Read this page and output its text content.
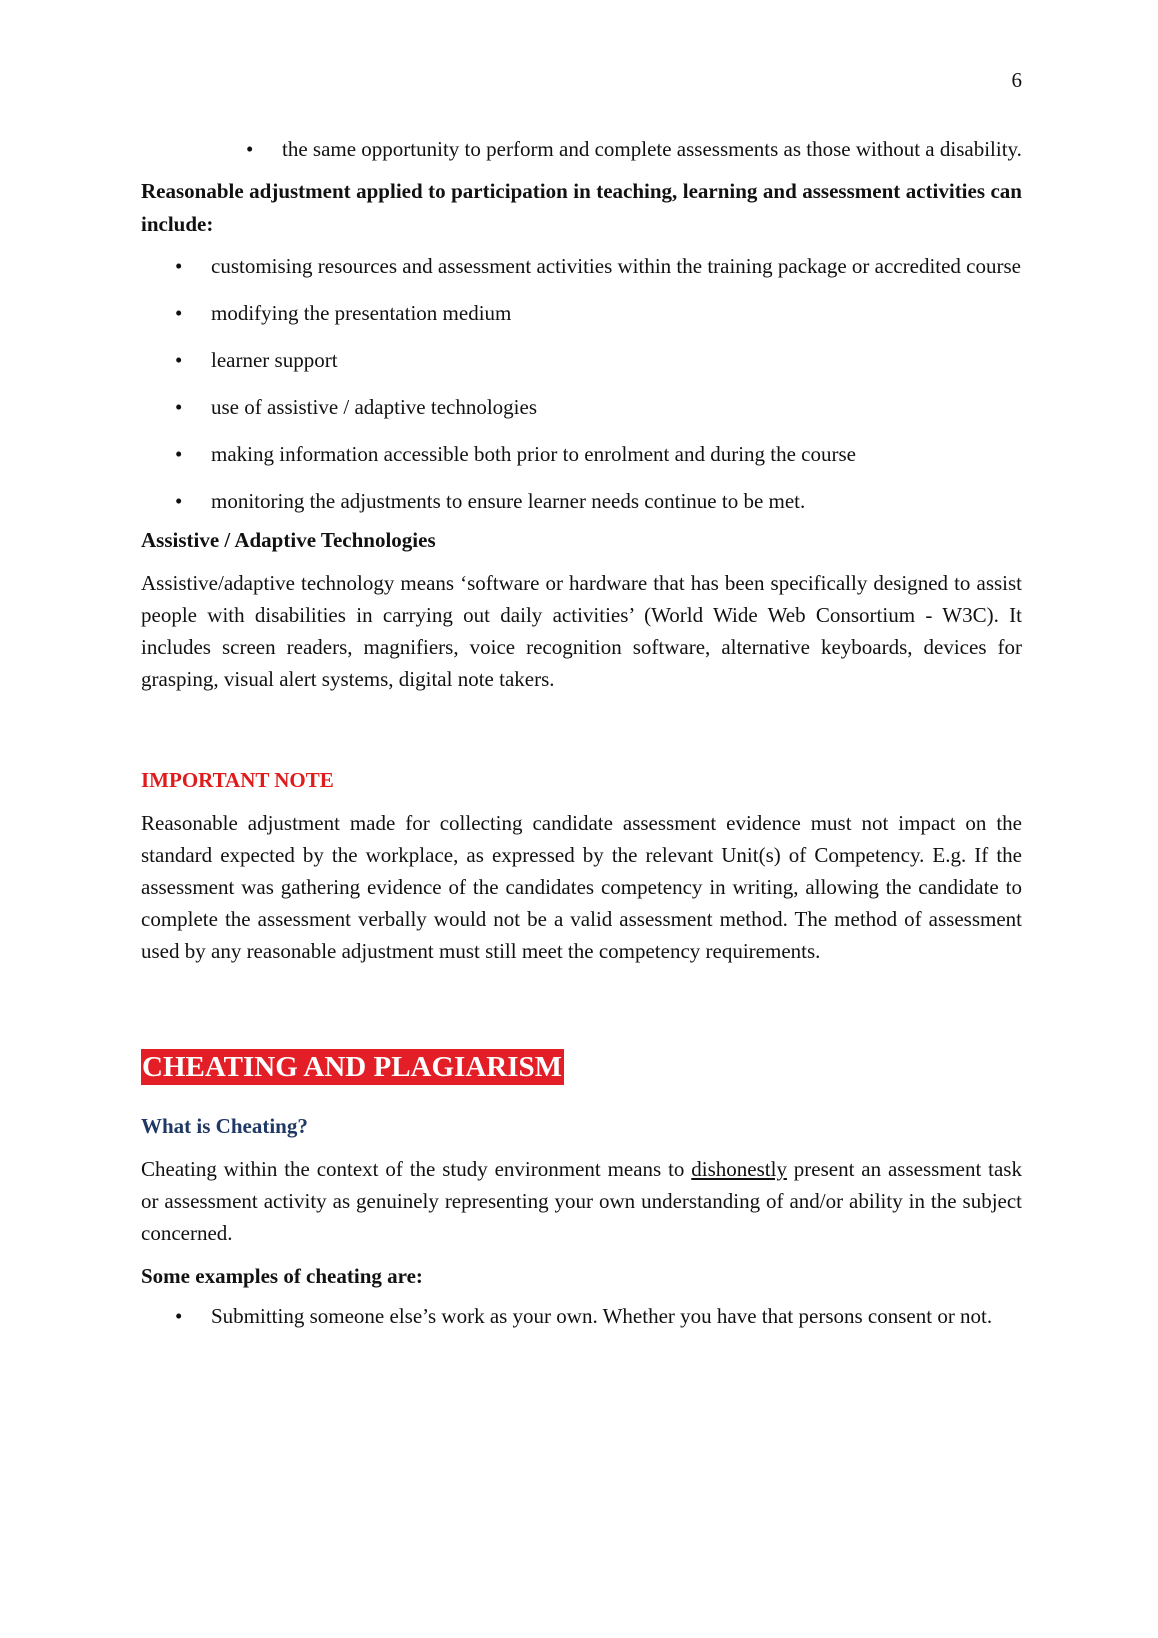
6
• the same opportunity to perform and complete assessments as those without a disability.

Reasonable adjustment applied to participation in teaching, learning and assessment activities can include:

• customising resources and assessment activities within the training package or accredited course
• modifying the presentation medium
• learner support
• use of assistive / adaptive technologies
• making information accessible both prior to enrolment and during the course
• monitoring the adjustments to ensure learner needs continue to be met.
Assistive / Adaptive Technologies

Assistive/adaptive technology means ‘software or hardware that has been specifically designed to assist people with disabilities in carrying out daily activities’ (World Wide Web Consortium - W3C). It includes screen readers, magnifiers, voice recognition software, alternative keyboards, devices for grasping, visual alert systems, digital note takers.

IMPORTANT NOTE

Reasonable adjustment made for collecting candidate assessment evidence must not impact on the standard expected by the workplace, as expressed by the relevant Unit(s) of Competency. E.g. If the assessment was gathering evidence of the candidates competency in writing, allowing the candidate to complete the assessment verbally would not be a valid assessment method. The method of assessment used by any reasonable adjustment must still meet the competency requirements.

CHEATING AND PLAGIARISM
What is Cheating?

Cheating within the context of the study environment means to dishonestly present an assessment task or assessment activity as genuinely representing your own understanding of and/or ability in the subject concerned.

Some examples of cheating are:
• Submitting someone else’s work as your own. Whether you have that persons consent or not.
